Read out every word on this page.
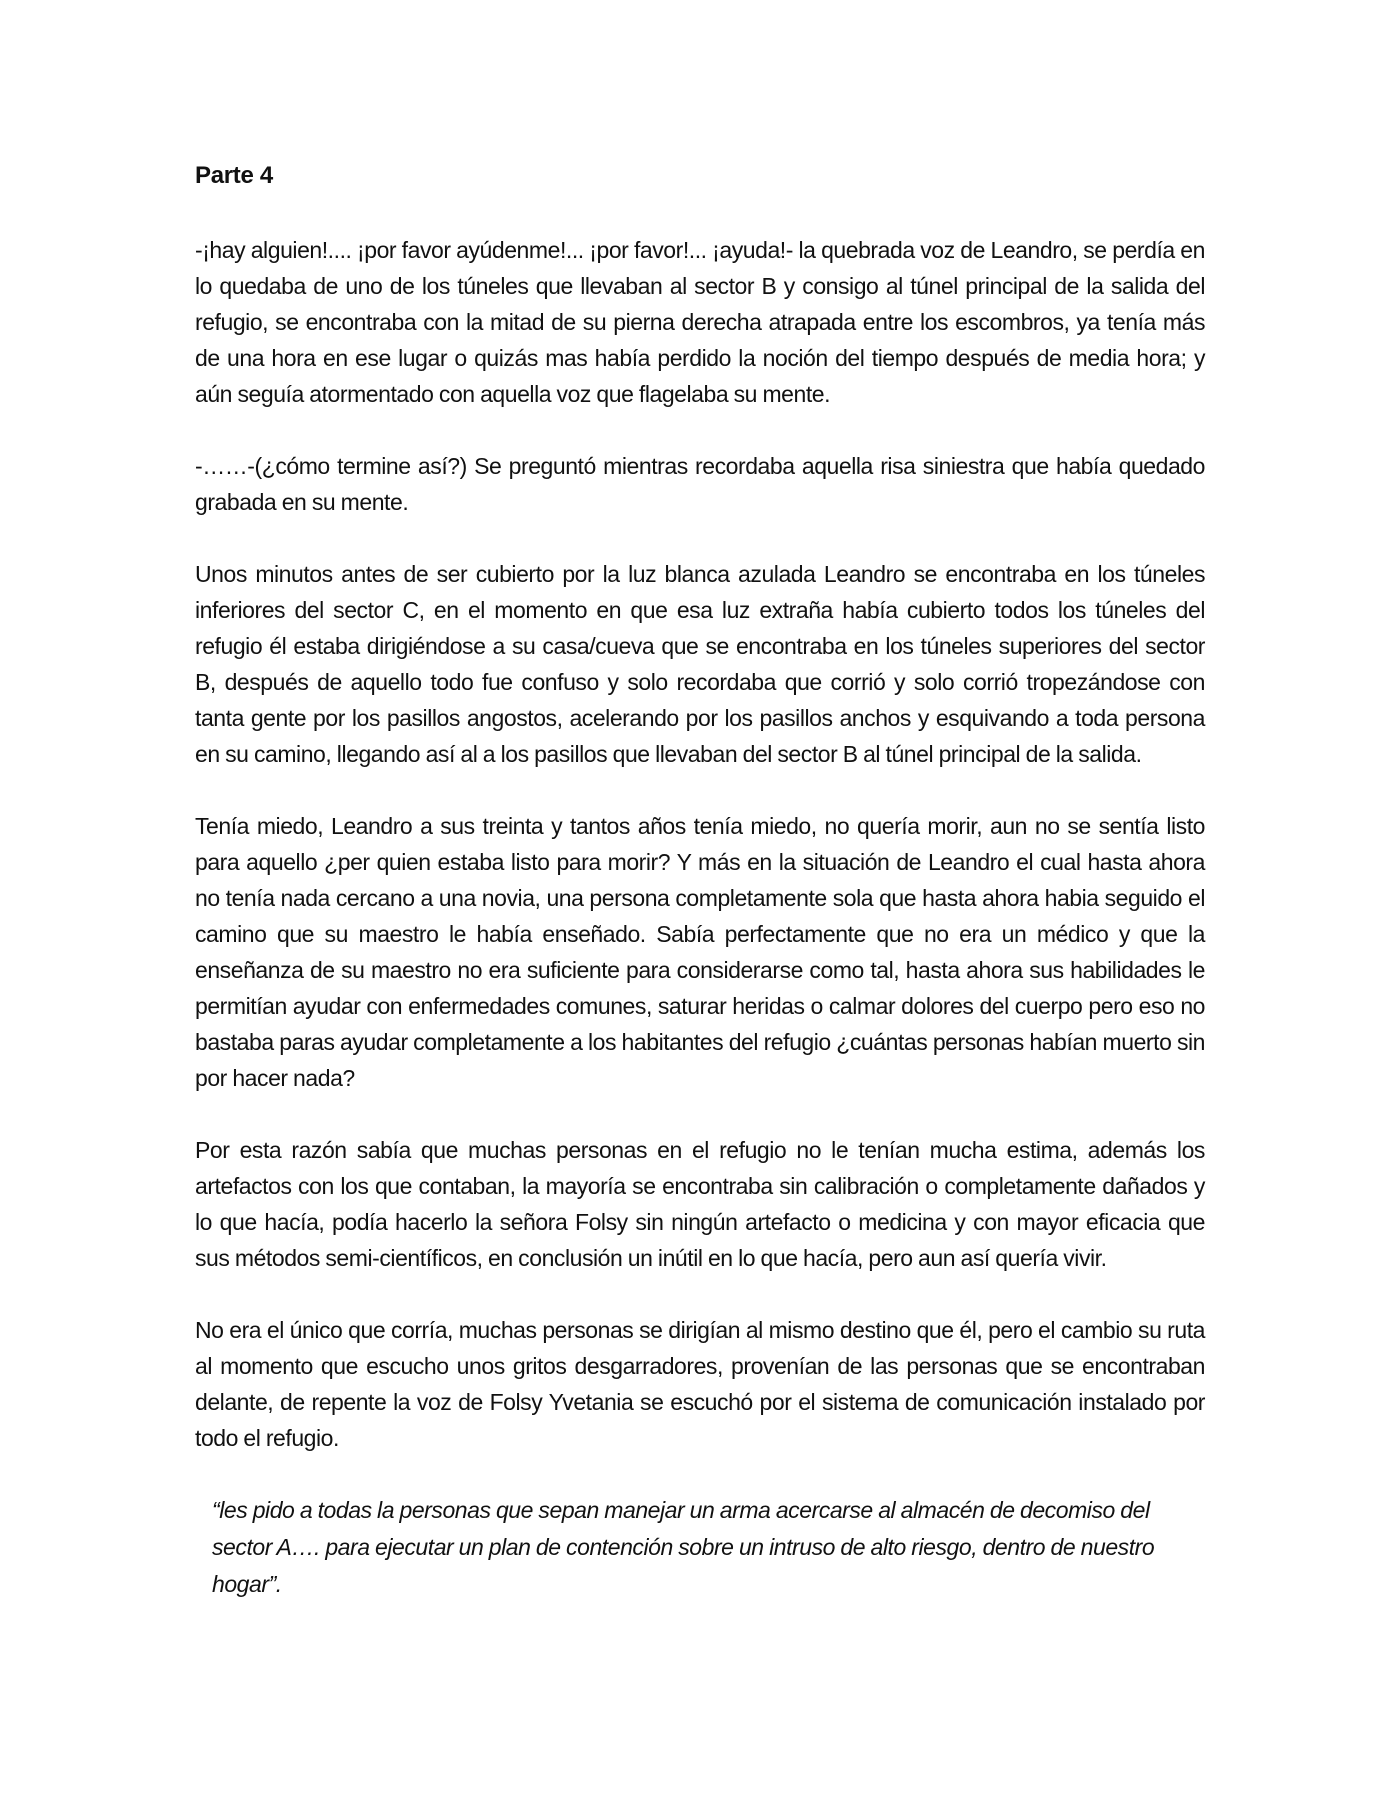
Parte 4

-¡hay alguien!.... ¡por favor ayúdenme!... ¡por favor!... ¡ayuda!- la quebrada voz de Leandro, se perdía en lo quedaba de uno de los túneles que llevaban al sector B y consigo al túnel principal de la salida del refugio, se encontraba con la mitad de su pierna derecha atrapada entre los escombros, ya tenía más de una hora en ese lugar o quizás mas había perdido la noción del tiempo después de media hora; y aún seguía atormentado con aquella voz que flagelaba su mente.

-……-(¿cómo termine así?) Se preguntó mientras recordaba aquella risa siniestra que había quedado grabada en su mente.

Unos minutos antes de ser cubierto por la luz blanca azulada Leandro se encontraba en los túneles inferiores del sector C, en el momento en que esa luz extraña había cubierto todos los túneles del refugio él estaba dirigiéndose a su casa/cueva que se encontraba en los túneles superiores del sector B, después de aquello todo fue confuso y solo recordaba que corrió y solo corrió tropezándose con tanta gente por los pasillos angostos, acelerando por los pasillos anchos y esquivando a toda persona en su camino, llegando así al a los pasillos que llevaban del sector B al túnel principal de la salida.

Tenía miedo, Leandro a sus treinta y tantos años tenía miedo, no quería morir, aun no se sentía listo para aquello ¿per quien estaba listo para morir? Y más en la situación de Leandro el cual hasta ahora no tenía nada cercano a una novia, una persona completamente sola que hasta ahora habia seguido el camino que su maestro le había enseñado. Sabía perfectamente que no era un médico y que la enseñanza de su maestro no era suficiente para considerarse como tal, hasta ahora sus habilidades le permitían ayudar con enfermedades comunes, saturar heridas o calmar dolores del cuerpo pero eso no bastaba paras ayudar completamente a los habitantes del refugio ¿cuántas personas habían muerto sin por hacer nada?

Por esta razón sabía que muchas personas en el refugio no le tenían mucha estima, además los artefactos con los que contaban, la mayoría se encontraba sin calibración o completamente dañados y lo que hacía, podía hacerlo la señora Folsy sin ningún artefacto o medicina y con mayor eficacia que sus métodos semi-científicos, en conclusión un inútil en lo que hacía, pero aun así quería vivir.

No era el único que corría, muchas personas se dirigían al mismo destino que él, pero el cambio su ruta al momento que escucho unos gritos desgarradores, provenían de las personas que se encontraban delante, de repente la voz de Folsy Yvetania se escuchó por el sistema de comunicación instalado por todo el refugio.

“les pido a todas la personas que sepan manejar un arma acercarse al almacén de decomiso del sector A…. para ejecutar un plan de contención sobre un intruso de alto riesgo, dentro de nuestro hogar”.
